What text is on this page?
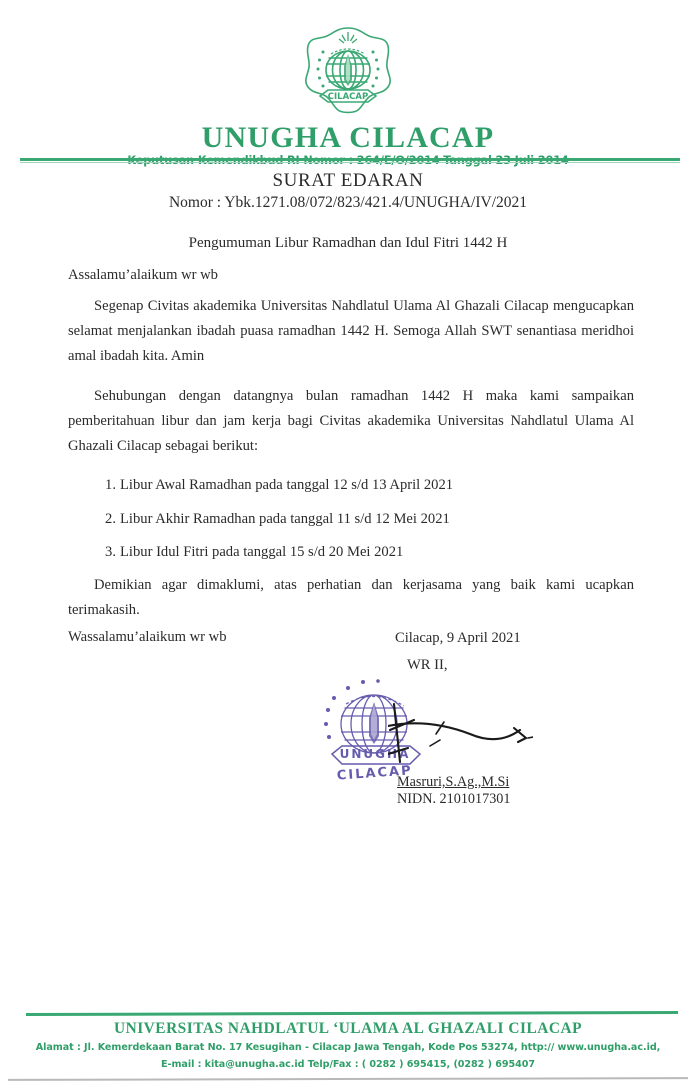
CILACAP
UNUGHA CILACAP
SURAT EDARAN
Nomor : Ybk.1271.08/072/823/421.4/UNUGHA/IV/2021
Pengumuman Libur Ramadhan dan Idul Fitri 1442 H
Assalamu’alaikum wr wb

Segenap Civitas akademika Universitas Nahdlatul Ulama Al Ghazali Cilacap mengucapkan selamat menjalankan ibadah puasa ramadhan 1442 H. Semoga Allah SWT senantiasa meridhoi amal ibadah kita. Amin

Sehubungan dengan datangnya bulan ramadhan 1442 H maka kami sampaikan pemberitahuan libur dan jam kerja bagi Civitas akademika Universitas Nahdlatul Ulama Al Ghazali Cilacap sebagai berikut:

Libur Awal Ramadhan pada tanggal 12 s/d 13 April 2021
Libur Akhir Ramadhan pada tanggal 11 s/d 12 Mei 2021
Libur Idul Fitri pada tanggal 15 s/d 20 Mei 2021
Demikian agar dimaklumi, atas perhatian dan kerjasama yang baik kami ucapkan terimakasih.
Wassalamu’alaikum wr wb	Cilacap, 9 April 2021
WR II,
UNUGHA
CILACAP
Masruri,S.Ag.,M.Si
NIDN. 2101017301
UNIVERSITAS NAHDLATUL ‘ULAMA AL GHAZALI CILACAP
Alamat : Jl. Kemerdekaan Barat No. 17 Kesugihan - Cilacap Jawa Tengah, Kode Pos 53274, http:// www.unugha.ac.id,
E-mail : kita@unugha.ac.id Telp/Fax : ( 0282 ) 695415, (0282 ) 695407
